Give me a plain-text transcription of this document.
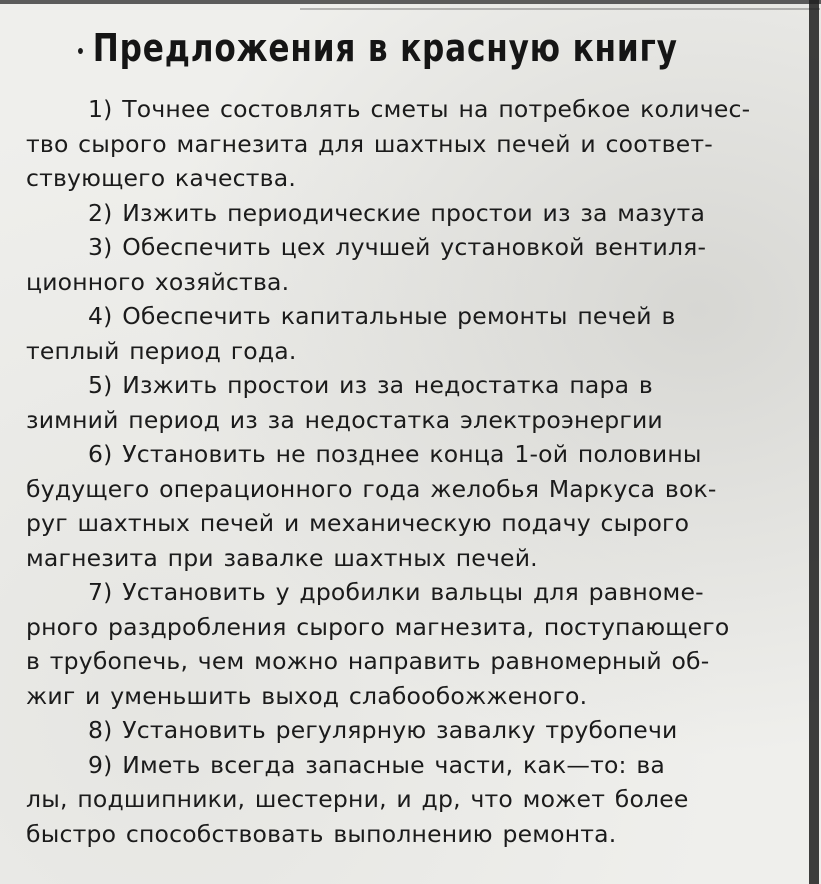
Предложения в красную книгу
1) Точнее состовлять сметы на потребкое количес-
тво сырого магнезита для шахтных печей и соответ-
ствующего качества.
2) Изжить периодические простои из за мазута
3) Обеспечить цех лучшей установкой вентиля-
ционного хозяйства.
4) Обеспечить капитальные ремонты печей в
теплый период года.
5) Изжить простои из за недостатка пара в
зимний период из за недостатка электроэнергии
6) Установить не позднее конца 1-ой половины
будущего операционного года желобья Маркуса вок-
руг шахтных печей и механическую подачу сырого
магнезита при завалке шахтных печей.
7) Установить у дробилки вальцы для равноме-
рного раздробления сырого магнезита, поступающего
в трубопечь, чем можно направить равномерный об-
жиг и уменьшить выход слабообожженого.
8) Установить регулярную завалку трубопечи
9) Иметь всегда запасные части, как—то: ва
лы, подшипники, шестерни, и др, что может более
быстро способствовать выполнению ремонта.
